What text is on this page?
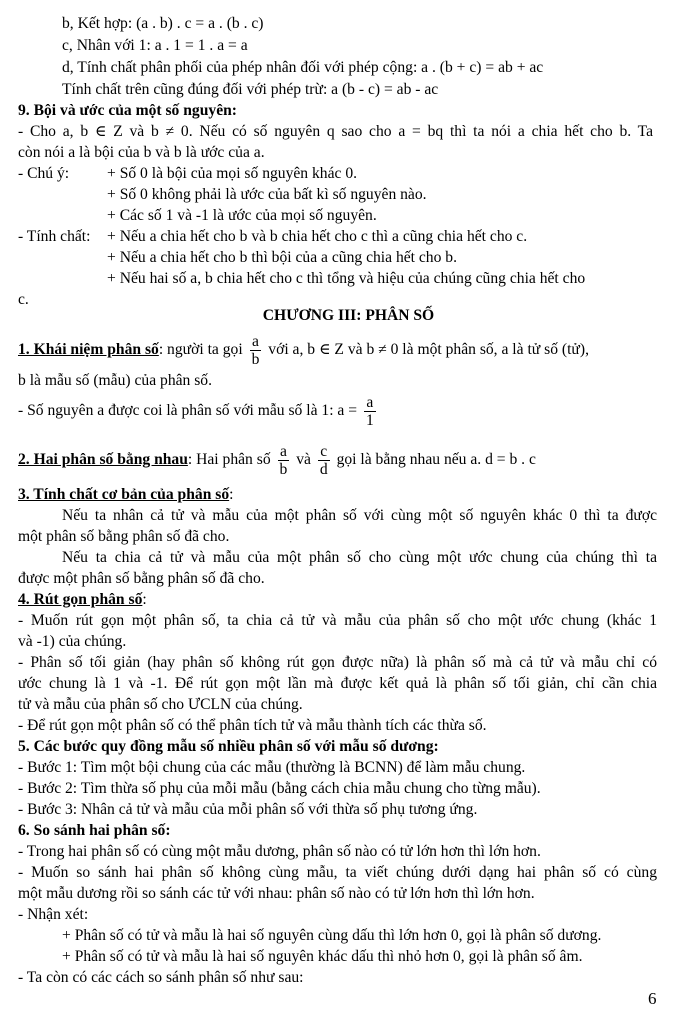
b, Kết hợp: (a . b) . c = a . (b . c)
c, Nhân với 1: a . 1 = 1 . a = a
d, Tính chất phân phối của phép nhân đối với phép cộng: a . (b + c) = ab + ac
Tính chất trên cũng đúng đối với phép trừ: a (b - c) = ab - ac
9. Bội và ước của một số nguyên:
- Cho a, b ∈ Z và b ≠ 0. Nếu có số nguyên q sao cho a = bq thì ta nói a chia hết cho b. Ta
còn nói a là bội của b và b là ước của a.
- Chú ý:	+ Số 0 là bội của mọi số nguyên khác 0.
+ Số 0 không phải là ước của bất kì số nguyên nào.
+ Các số 1 và -1 là ước của mọi số nguyên.
- Tính chất:	+ Nếu a chia hết cho b và b chia hết cho c thì a cũng chia hết cho c.
+ Nếu a chia hết cho b thì bội của a cũng chia hết cho b.
+ Nếu hai số a, b chia hết cho c thì tổng và hiệu của chúng cũng chia hết cho
c.
CHƯƠNG III: PHÂN SỐ
1. Khái niệm phân số: người ta gọi $\frac{a}{b}$ với a, b ∈ Z và b ≠ 0 là một phân số, a là tử số (tử),
b là mẫu số (mẫu) của phân số.
- Số nguyên a được coi là phân số với mẫu số là 1: $a = \frac{a}{1}$
2. Hai phân số bằng nhau: Hai phân số $\frac{a}{b}$ và $\frac{c}{d}$ gọi là bằng nhau nếu a. d = b . c
3. Tính chất cơ bản của phân số:
Nếu ta nhân cả tử và mẫu của một phân số với cùng một số nguyên khác 0 thì ta được
một phân số bằng phân số đã cho.
Nếu ta chia cả tử và mẫu của một phân số cho cùng một ước chung của chúng thì ta
được một phân số bằng phân số đã cho.
4. Rút gọn phân số:
- Muốn rút gọn một phân số, ta chia cả tử và mẫu của phân số cho một ước chung (khác 1
và -1) của chúng.
- Phân số tối giản (hay phân số không rút gọn được nữa) là phân số mà cả tử và mẫu chỉ có
ước chung là 1 và -1. Để rút gọn một lần mà được kết quả là phân số tối giản, chỉ cần chia
tử và mẫu của phân số cho ƯCLN của chúng.
- Để rút gọn một phân số có thể phân tích tử và mẫu thành tích các thừa số.
5. Các bước quy đồng mẫu số nhiều phân số với mẫu số dương:
- Bước 1: Tìm một bội chung của các mẫu (thường là BCNN) để làm mẫu chung.
- Bước 2: Tìm thừa số phụ của mỗi mẫu (bằng cách chia mẫu chung cho từng mẫu).
- Bước 3: Nhân cả tử và mẫu của mỗi phân số với thừa số phụ tương ứng.
6. So sánh hai phân số:
- Trong hai phân số có cùng một mẫu dương, phân số nào có tử lớn hơn thì lớn hơn.
- Muốn so sánh hai phân số không cùng mẫu, ta viết chúng dưới dạng hai phân số có cùng
một mẫu dương rồi so sánh các tử với nhau: phân số nào có tử lớn hơn thì lớn hơn.
- Nhận xét:
+ Phân số có tử và mẫu là hai số nguyên cùng dấu thì lớn hơn 0, gọi là phân số dương.
+ Phân số có tử và mẫu là hai số nguyên khác dấu thì nhỏ hơn 0, gọi là phân số âm.
- Ta còn có các cách so sánh phân số như sau:
6
